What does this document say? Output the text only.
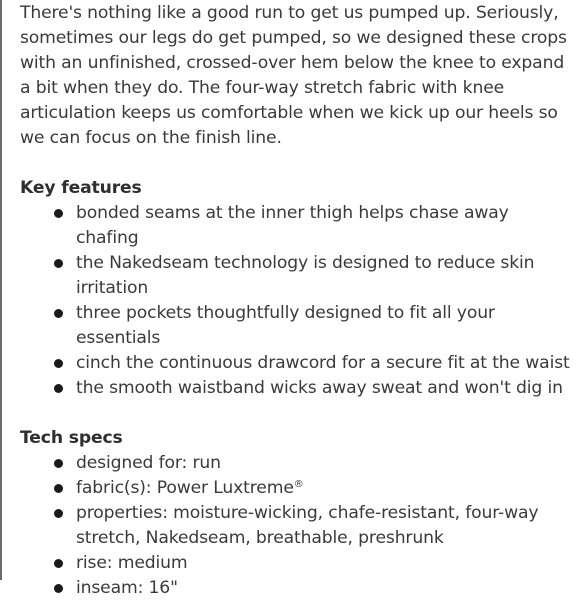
There's nothing like a good run to get us pumped up. Seriously, sometimes our legs do get pumped, so we designed these crops with an unfinished, crossed-over hem below the knee to expand a bit when they do. The four-way stretch fabric with knee articulation keeps us comfortable when we kick up our heels so we can focus on the finish line.

Key features
bonded seams at the inner thigh helps chase away chafing
the Nakedseam technology is designed to reduce skin irritation
three pockets thoughtfully designed to fit all your essentials
cinch the continuous drawcord for a secure fit at the waist
the smooth waistband wicks away sweat and won't dig in
Tech specs
designed for: run
fabric(s): Power Luxtreme®
properties: moisture-wicking, chafe-resistant, four-way stretch, Nakedseam, breathable, preshrunk
rise: medium
inseam: 16"
